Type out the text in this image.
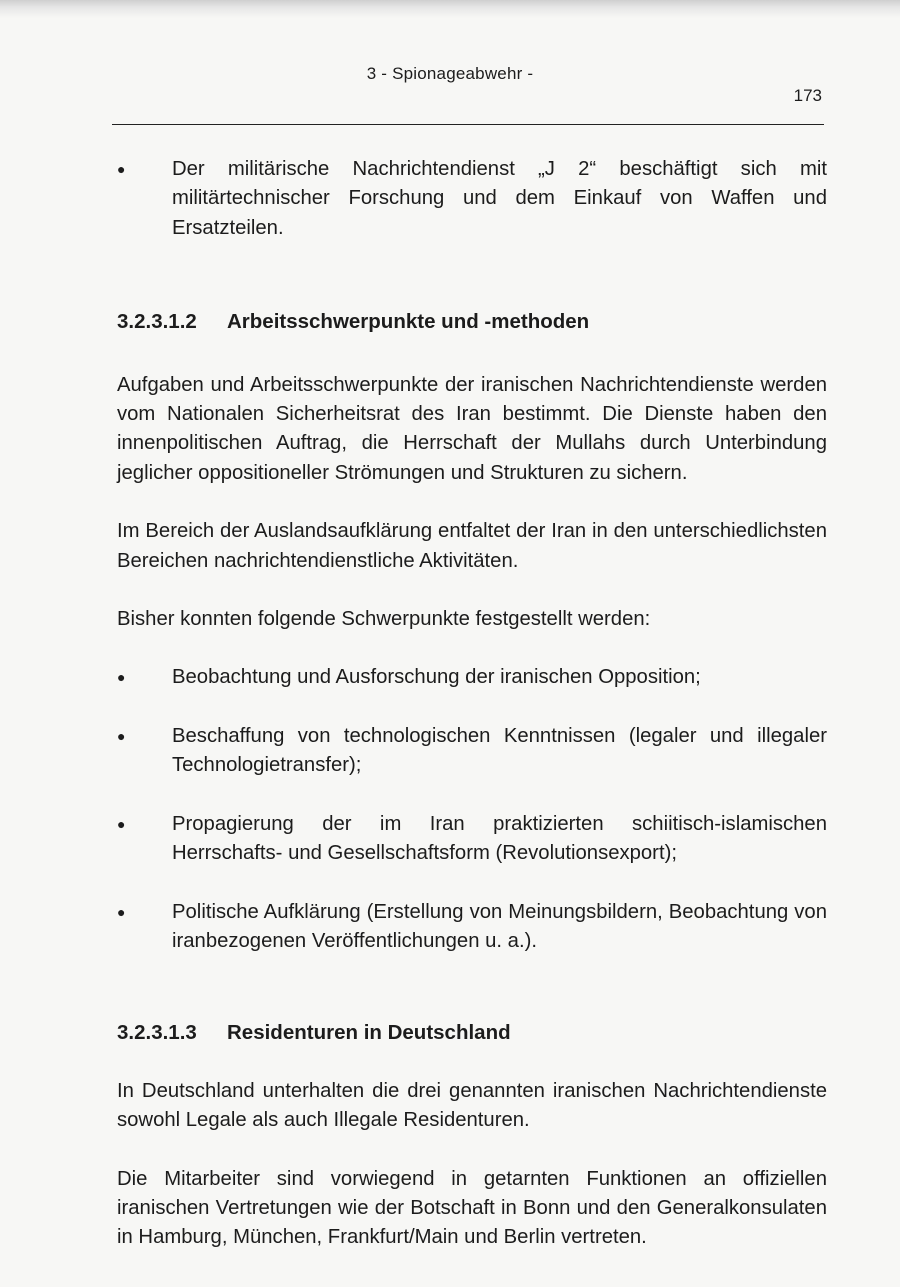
3 - Spionageabwehr -
173

● Der militärische Nachrichtendienst „J 2“ beschäftigt sich mit militärtechnischer Forschung und dem Einkauf von Waffen und Ersatzteilen.

3.2.3.1.2	Arbeitsschwerpunkte und -methoden

Aufgaben und Arbeitsschwerpunkte der iranischen Nachrichtendienste werden vom Nationalen Sicherheitsrat des Iran bestimmt. Die Dienste haben den innenpolitischen Auftrag, die Herrschaft der Mullahs durch Unterbindung jeglicher oppositioneller Strömungen und Strukturen zu sichern.

Im Bereich der Auslandsaufklärung entfaltet der Iran in den unterschiedlichsten Bereichen nachrichtendienstliche Aktivitäten.

Bisher konnten folgende Schwerpunkte festgestellt werden:

● Beobachtung und Ausforschung der iranischen Opposition;

● Beschaffung von technologischen Kenntnissen (legaler und illegaler Technologietransfer);

● Propagierung der im Iran praktizierten schiitisch-islamischen Herrschafts- und Gesellschaftsform (Revolutionsexport);

● Politische Aufklärung (Erstellung von Meinungsbildern, Beobachtung von iranbezogenen Veröffentlichungen u. a.).

3.2.3.1.3	Residenturen in Deutschland

In Deutschland unterhalten die drei genannten iranischen Nachrichtendienste sowohl Legale als auch Illegale Residenturen.

Die Mitarbeiter sind vorwiegend in getarnten Funktionen an offiziellen iranischen Vertretungen wie der Botschaft in Bonn und den Generalkonsulaten in Hamburg, München, Frankfurt/Main und Berlin vertreten.
